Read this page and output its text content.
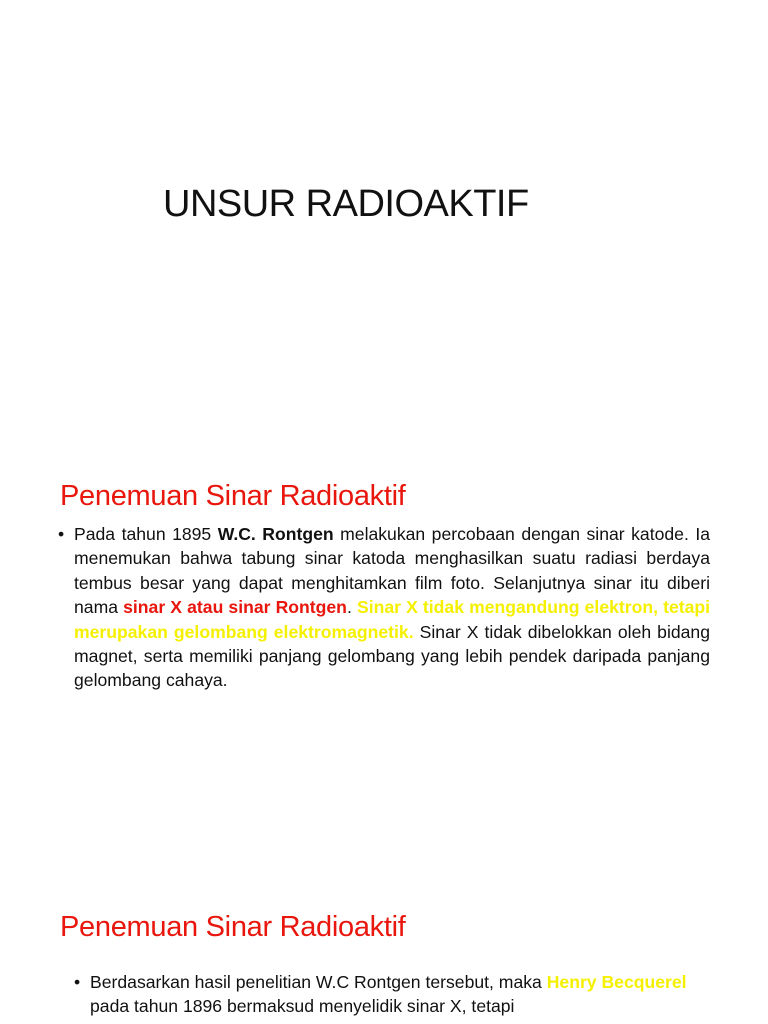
UNSUR RADIOAKTIF
Penemuan Sinar Radioaktif
• Pada tahun 1895 W.C. Rontgen melakukan percobaan dengan sinar katode. Ia menemukan bahwa tabung sinar katoda menghasilkan suatu radiasi berdaya tembus besar yang dapat menghitamkan film foto. Selanjutnya sinar itu diberi nama sinar X atau sinar Rontgen. Sinar X tidak mengandung elektron, tetapi merupakan gelombang elektromagnetik. Sinar X tidak dibelokkan oleh bidang magnet, serta memiliki panjang gelombang yang lebih pendek daripada panjang gelombang cahaya.
Penemuan Sinar Radioaktif
• Berdasarkan hasil penelitian W.C Rontgen tersebut, maka Henry Becquerel pada tahun 1896 bermaksud menyelidik sinar X, tetapi
